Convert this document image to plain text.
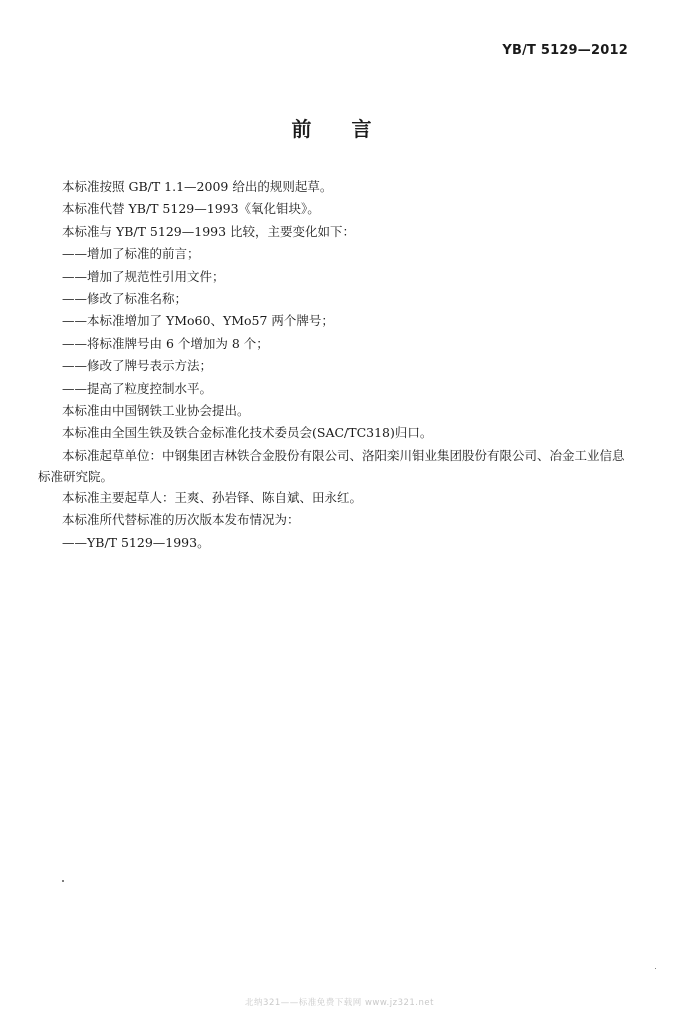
YB/T 5129—2012
前言

本标准按照 GB/T 1.1—2009 给出的规则起草。

本标准代替 YB/T 5129—1993《氧化钼块》。

本标准与 YB/T 5129—1993 比较，主要变化如下：

——增加了标准的前言；

——增加了规范性引用文件；

——修改了标准名称；

——本标准增加了 YMo60、YMo57 两个牌号；

——将标准牌号由 6 个增加为 8 个；

——修改了牌号表示方法；

——提高了粒度控制水平。

本标准由中国钢铁工业协会提出。

本标准由全国生铁及铁合金标准化技术委员会(SAC/TC318)归口。

本标准起草单位：中钢集团吉林铁合金股份有限公司、洛阳栾川钼业集团股份有限公司、冶金工业信息标准研究院。

本标准主要起草人：王爽、孙岩铎、陈自斌、田永红。

本标准所代替标准的历次版本发布情况为：

——YB/T 5129—1993。

北纳321——标准免费下载网 www.jz321.net
